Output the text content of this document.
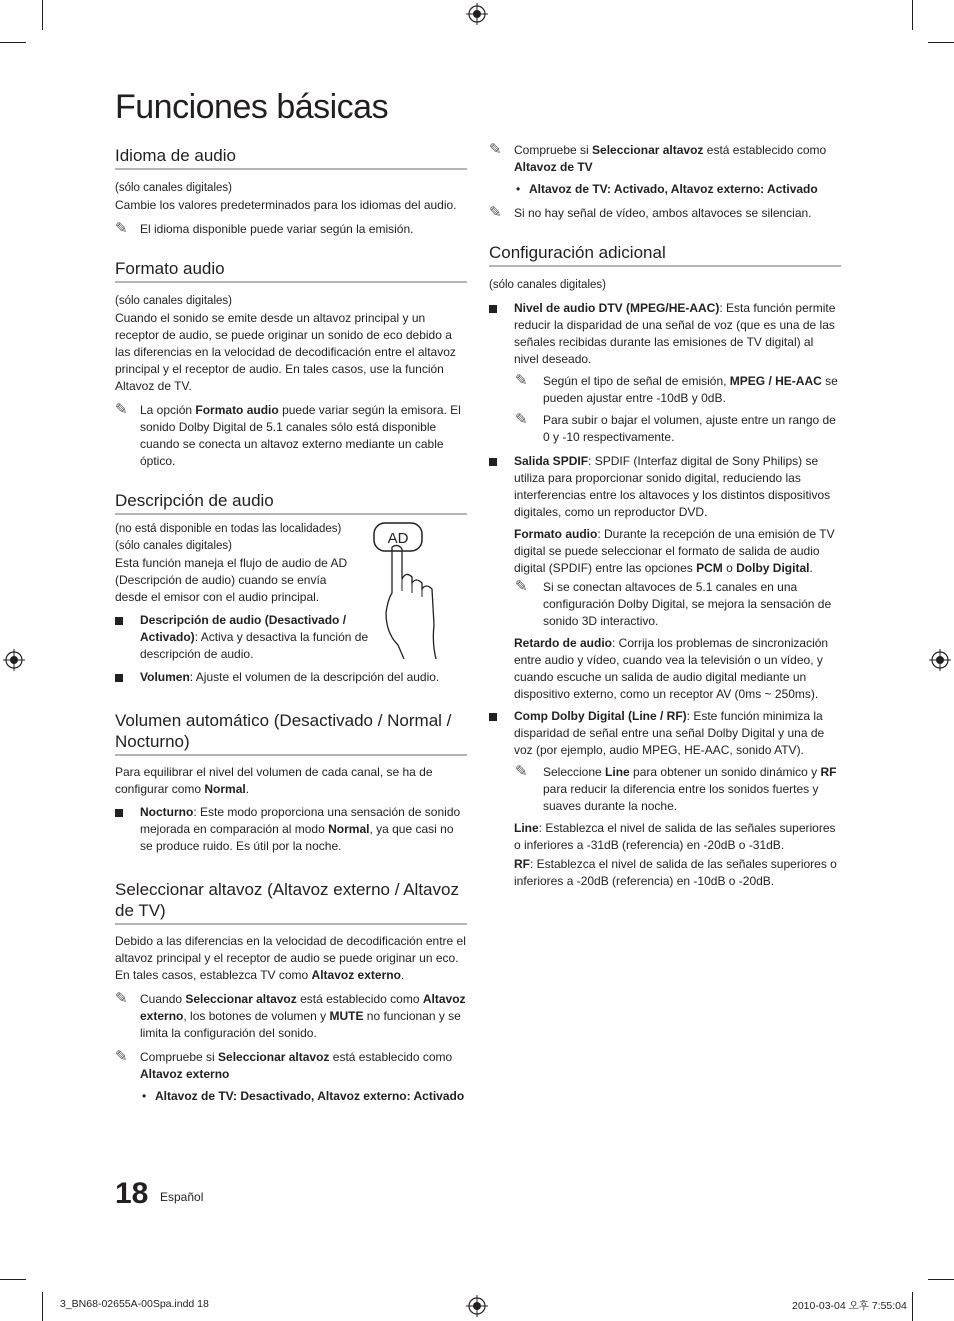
Funciones básicas
Idioma de audio

(sólo canales digitales)

Cambie los valores predeterminados para los idiomas del audio.

✎ El idioma disponible puede variar según la emisión.

Formato audio

(sólo canales digitales)

Cuando el sonido se emite desde un altavoz principal y un receptor de audio, se puede originar un sonido de eco debido a las diferencias en la velocidad de decodificación entre el altavoz principal y el receptor de audio. En tales casos, use la función Altavoz de TV.

✎ La opción Formato audio puede variar según la emisora. El sonido Dolby Digital de 5.1 canales sólo está disponible cuando se conecta un altavoz externo mediante un cable óptico.

Descripción de audio

(no está disponible en todas las localidades)

(sólo canales digitales)

Esta función maneja el flujo de audio de AD (Descripción de audio) cuando se envía desde el emisor con el audio principal.

AD

Descripción de audio (Desactivado / Activado): Activa y desactiva la función de descripción de audio.

Volumen: Ajuste el volumen de la descripción del audio.

Volumen automático (Desactivado / Normal / Nocturno)

Para equilibrar el nivel del volumen de cada canal, se ha de configurar como Normal.

Nocturno: Este modo proporciona una sensación de sonido mejorada en comparación al modo Normal, ya que casi no se produce ruido. Es útil por la noche.

Seleccionar altavoz (Altavoz externo / Altavoz de TV)

Debido a las diferencias en la velocidad de decodificación entre el altavoz principal y el receptor de audio se puede originar un eco. En tales casos, establezca TV como Altavoz externo.

✎ Cuando Seleccionar altavoz está establecido como Altavoz externo, los botones de volumen y MUTE no funcionan y se limita la configuración del sonido.

✎ Compruebe si Seleccionar altavoz está establecido como
Altavoz externo

• Altavoz de TV: Desactivado, Altavoz externo: Activado

✎ Compruebe si Seleccionar altavoz está establecido como
Altavoz de TV

• Altavoz de TV: Activado, Altavoz externo: Activado

✎ Si no hay señal de vídeo, ambos altavoces se silencian.

Configuración adicional

(sólo canales digitales)

Nivel de audio DTV (MPEG/HE-AAC): Esta función permite reducir la disparidad de una señal de voz (que es una de las señales recibidas durante las emisiones de TV digital) al nivel deseado.

✎ Según el tipo de señal de emisión, MPEG / HE-AAC se pueden ajustar entre -10dB y 0dB.

✎ Para subir o bajar el volumen, ajuste entre un rango de 0 y -10 respectivamente.

Salida SPDIF: SPDIF (Interfaz digital de Sony Philips) se utiliza para proporcionar sonido digital, reduciendo las interferencias entre los altavoces y los distintos dispositivos digitales, como un reproductor DVD.

Formato audio: Durante la recepción de una emisión de TV digital se puede seleccionar el formato de salida de audio digital (SPDIF) entre las opciones PCM o Dolby Digital.

✎ Si se conectan altavoces de 5.1 canales en una configuración Dolby Digital, se mejora la sensación de sonido 3D interactivo.

Retardo de audio: Corrija los problemas de sincronización entre audio y vídeo, cuando vea la televisión o un vídeo, y cuando escuche un salida de audio digital mediante un dispositivo externo, como un receptor AV (0ms ~ 250ms).

Comp Dolby Digital (Line / RF): Este función minimiza la disparidad de señal entre una señal Dolby Digital y una de voz (por ejemplo, audio MPEG, HE-AAC, sonido ATV).

✎ Seleccione Line para obtener un sonido dinámico y RF para reducir la diferencia entre los sonidos fuertes y suaves durante la noche.

Line: Establezca el nivel de salida de las señales superiores o inferiores a -31dB (referencia) en -20dB o -31dB.

RF: Establezca el nivel de salida de las señales superiores o inferiores a -20dB (referencia) en -10dB o -20dB.

18 Español
3_BN68-02655A-00Spa.indd 18	2010-03-04 오후 7:55:04
